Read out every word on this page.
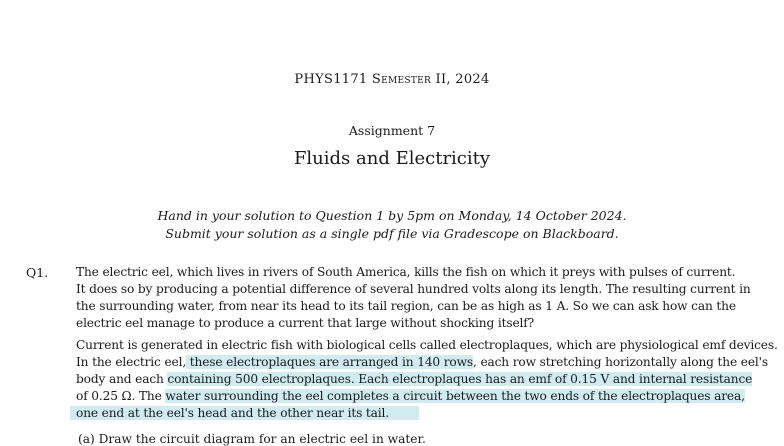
PHYS1171 Semester II, 2024
Assignment 7
Fluids and Electricity
Hand in your solution to Question 1 by 5pm on Monday, 14 October 2024.
Submit your solution as a single pdf file via Gradescope on Blackboard.
Q1. The electric eel, which lives in rivers of South America, kills the fish on which it preys with pulses of current.
It does so by producing a potential difference of several hundred volts along its length. The resulting current in
the surrounding water, from near its head to its tail region, can be as high as 1 A. So we can ask how can the
electric eel manage to produce a current that large without shocking itself?
Current is generated in electric fish with biological cells called electroplaques, which are physiological emf devices.
In the electric eel, these electroplaques are arranged in 140 rows, each row stretching horizontally along the eel's
body and each containing 500 electroplaques. Each electroplaques has an emf of 0.15 V and internal resistance
of 0.25 Ω. The water surrounding the eel completes a circuit between the two ends of the electroplaques area,
one end at the eel's head and the other near its tail.
(a) Draw the circuit diagram for an electric eel in water.
